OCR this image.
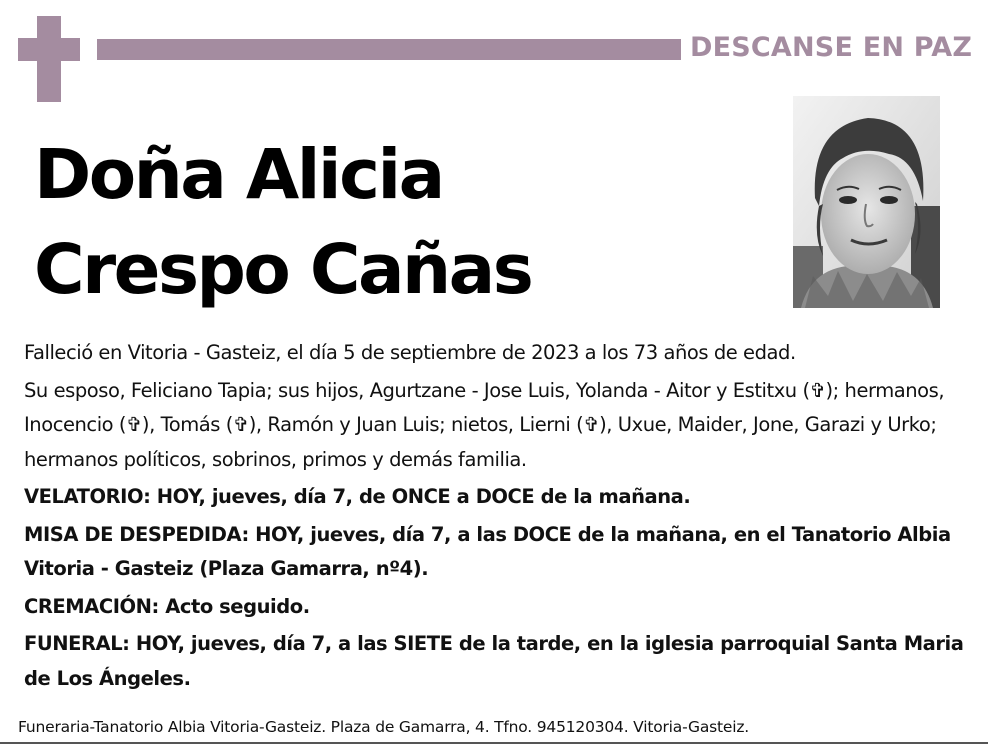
DESCANSE EN PAZ
Doña Alicia
Crespo Cañas

Falleció en Vitoria - Gasteiz, el día 5 de septiembre de 2023 a los 73 años de edad.

Su esposo, Feliciano Tapia; sus hijos, Agurtzane - Jose Luis, Yolanda - Aitor y Estitxu (✞); hermanos, Inocencio (✞), Tomás (✞), Ramón y Juan Luis; nietos, Lierni (✞), Uxue, Maider, Jone, Garazi y Urko; hermanos políticos, sobrinos, primos y demás familia.

VELATORIO: HOY, jueves, día 7, de ONCE a DOCE de la mañana.

MISA DE DESPEDIDA: HOY, jueves, día 7, a las DOCE de la mañana, en el Tanatorio Albia Vitoria - Gasteiz (Plaza Gamarra, nº4).

CREMACIÓN: Acto seguido.

FUNERAL: HOY, jueves, día 7, a las SIETE de la tarde, en la iglesia parroquial Santa Maria de Los Ángeles.

Funeraria-Tanatorio Albia Vitoria-Gasteiz. Plaza de Gamarra, 4. Tfno. 945120304. Vitoria-Gasteiz.
